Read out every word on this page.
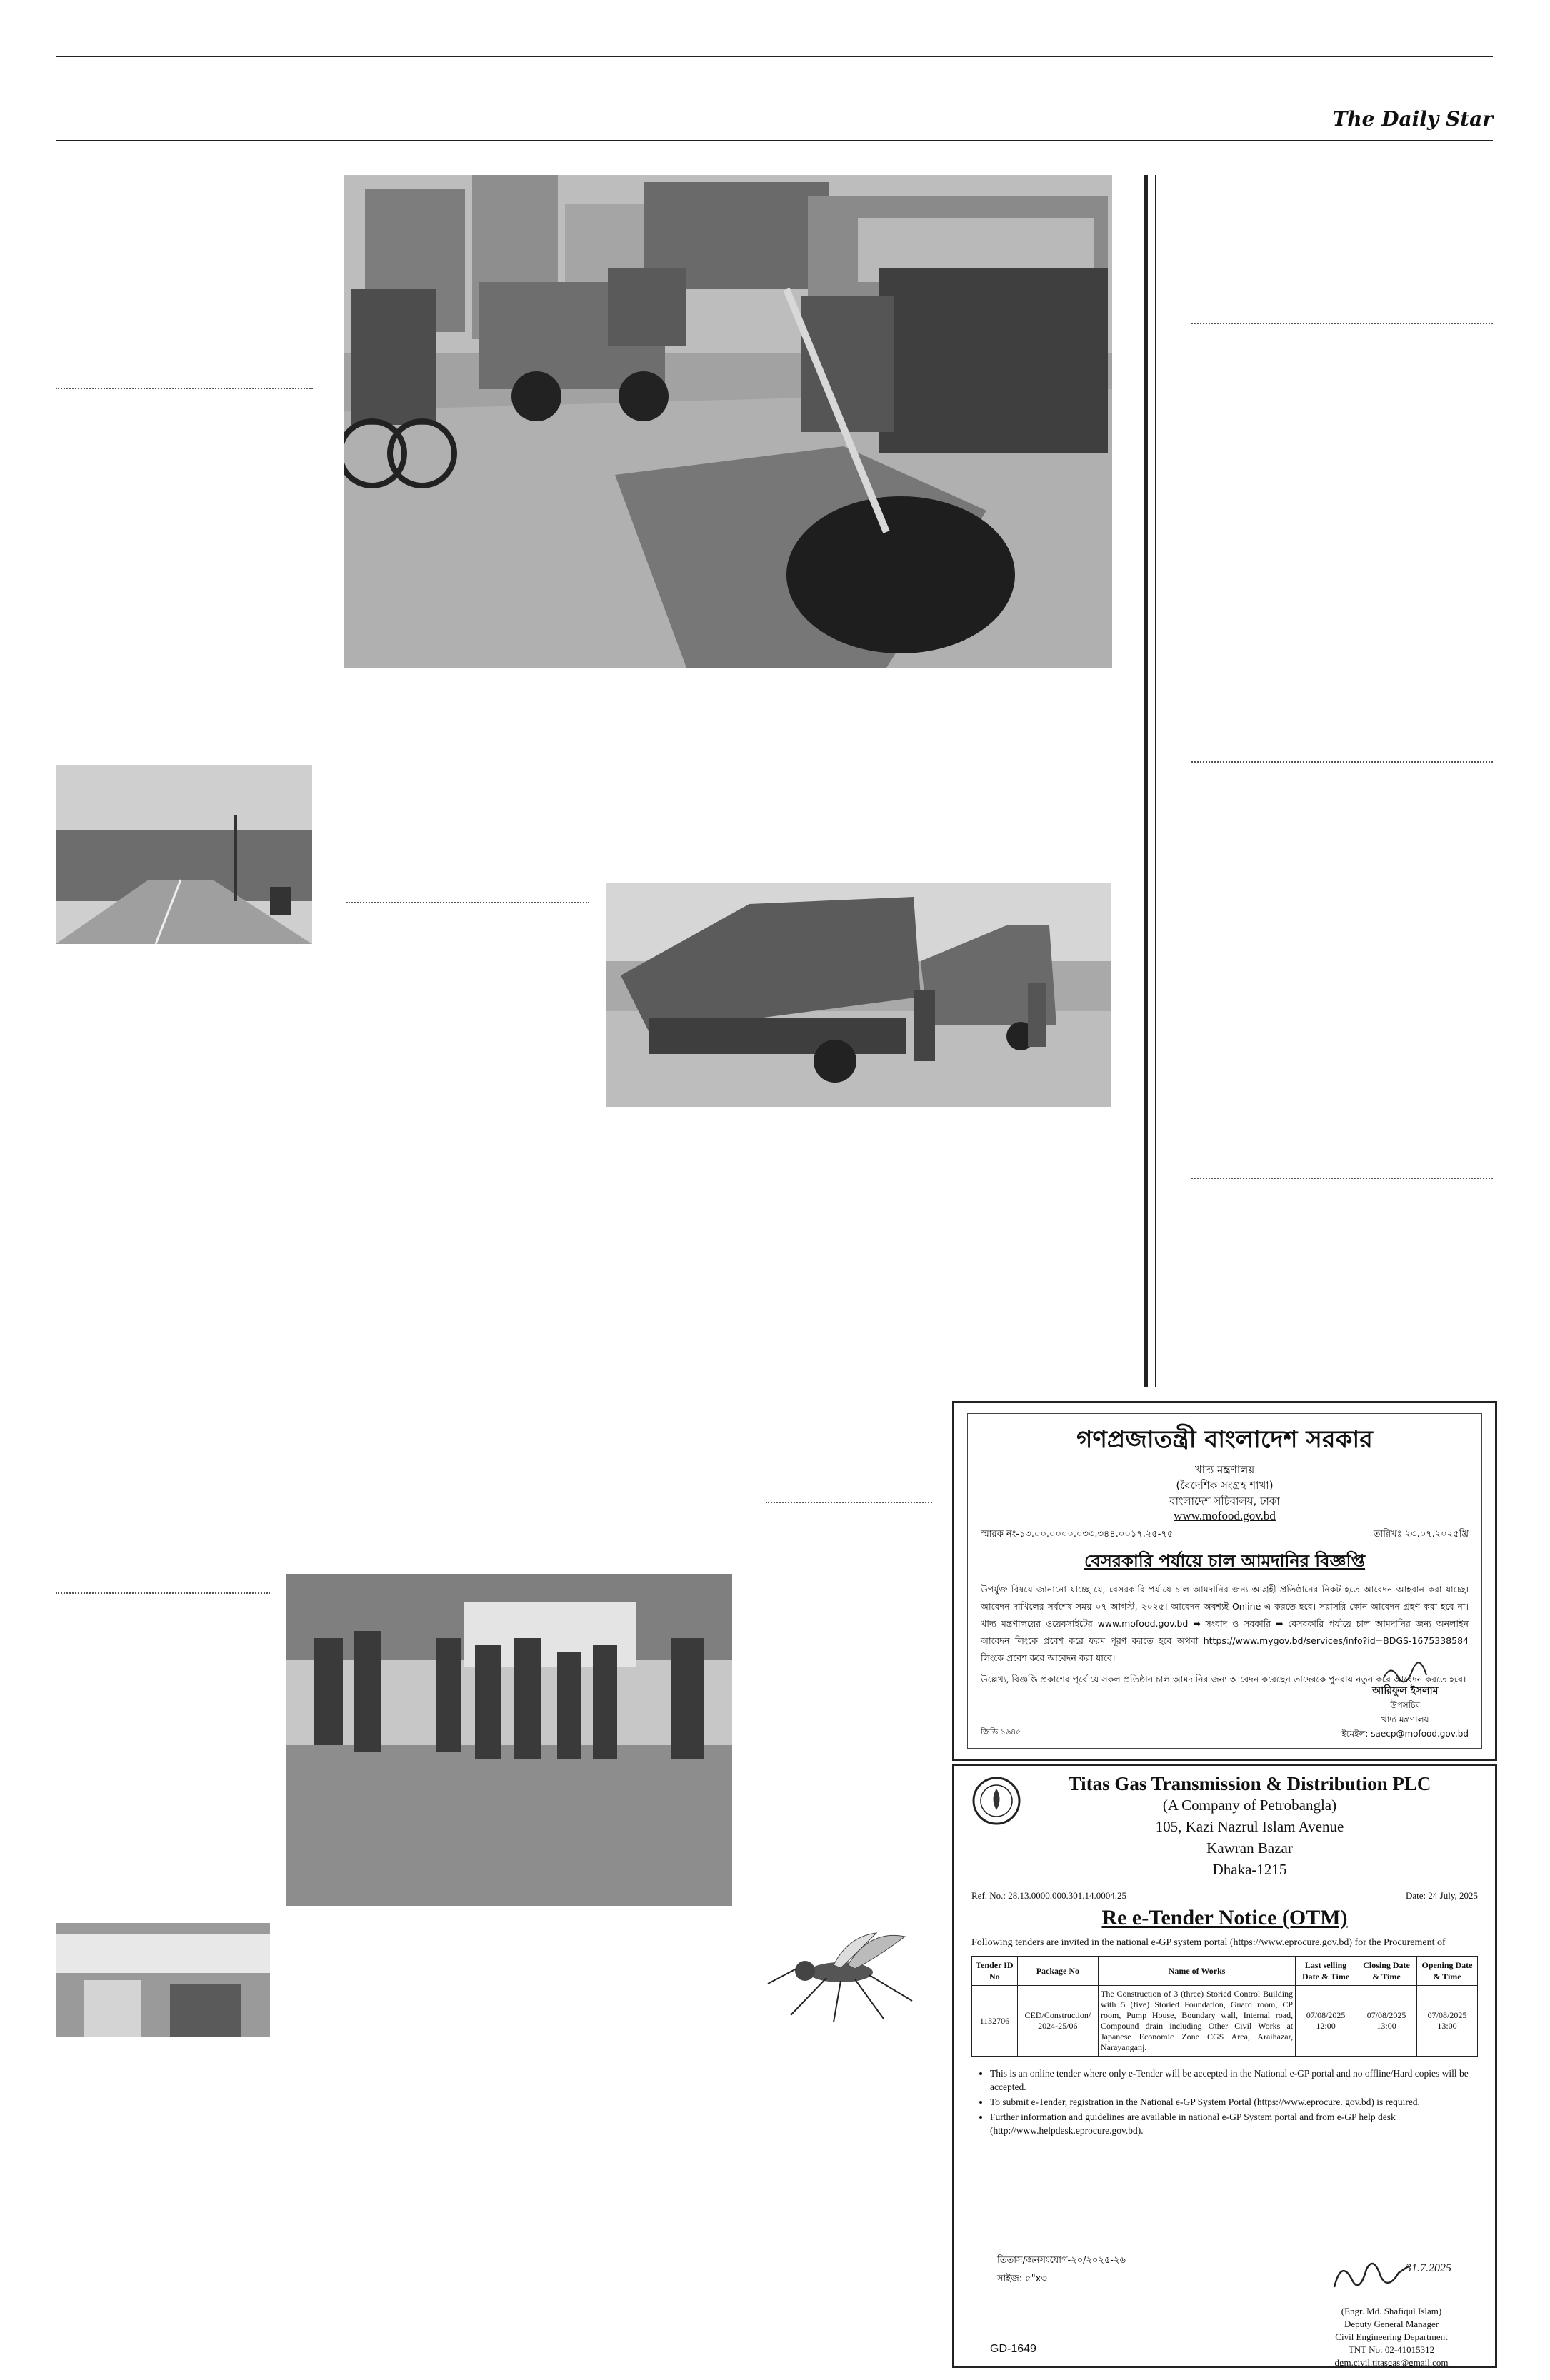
The Daily Star
গণপ্রজাতন্ত্রী বাংলাদেশ সরকার
খাদ্য মন্ত্রণালয়
(বৈদেশিক সংগ্রহ শাখা)
বাংলাদেশ সচিবালয়, ঢাকা
www.mofood.gov.bd
স্মারক নং-১৩.০০.০০০০.০৩৩.৩৪৪.০০১৭.২৫-৭৫	তারিখঃ ২৩.০৭.২০২৫খ্রি
বেসরকারি পর্যায়ে চাল আমদানির বিজ্ঞপ্তি
উপর্যুক্ত বিষয়ে জানানো যাচ্ছে যে, বেসরকারি পর্যায়ে চাল আমদানির জন্য আগ্রহী প্রতিষ্ঠানের নিকট হতে আবেদন আহবান করা যাচ্ছে। আবেদন দাখিলের সর্বশেষ সময় ০৭ আগস্ট, ২০২৫। আবেদন অবশ্যই Online-এ করতে হবে। সরাসরি কোন আবেদন গ্রহণ করা হবে না। খাদ্য মন্ত্রণালয়ের ওয়েবসাইটের www.mofood.gov.bd ➡ সংবাদ ও সরকারি ➡ বেসরকারি পর্যায়ে চাল আমদানির জন্য অনলাইন আবেদন লিংকে প্রবেশ করে ফরম পূরণ করতে হবে অথবা https://www.mygov.bd/services/info?id=BDGS-1675338584 লিংকে প্রবেশ করে আবেদন করা যাবে।
উল্লেখ্য, বিজ্ঞপ্তি প্রকাশের পূর্বে যে সকল প্রতিষ্ঠান চাল আমদানির জন্য আবেদন করেছেন তাদেরকে পুনরায় নতুন করে আবেদন করতে হবে।
জিডি ১৬৪৫
আরিফুল ইসলাম
উপসচিব
খাদ্য মন্ত্রণালয়
ইমেইল: saecp@mofood.gov.bd
Titas Gas Transmission & Distribution PLC
(A Company of Petrobangla)
105, Kazi Nazrul Islam Avenue
Kawran Bazar
Dhaka-1215
Ref. No.: 28.13.0000.000.301.14.0004.25	Date: 24 July, 2025
Re e-Tender Notice (OTM)
Following tenders are invited in the national e-GP system portal (https://www.eprocure.gov.bd) for the Procurement of
Tender ID No	Package No	Name of Works	Last selling Date & Time	Closing Date & Time	Opening Date & Time
1132706	CED/Construction/ 2024-25/06	The Construction of 3 (three) Storied Control Building with 5 (five) Storied Foundation, Guard room, CP room, Pump House, Boundary wall, Internal road, Compound drain including Other Civil Works at Japanese Economic Zone CGS Area, Araihazar, Narayanganj.	07/08/2025 12:00	07/08/2025 13:00	07/08/2025 13:00
• This is an online tender where only e-Tender will be accepted in the National e-GP portal and no offline/Hard copies will be accepted.
• To submit e-Tender, registration in the National e-GP System Portal (https://www.eprocure. gov.bd) is required.
• Further information and guidelines are available in national e-GP System portal and from e-GP help desk (http://www.helpdesk.eprocure.gov.bd).
তিতাস/জনসংযোগ-২০/২০২৫-২৬
সাইজ: ৫"x৩
31.7.2025
(Engr. Md. Shafiqul Islam)
Deputy General Manager
Civil Engineering Department
TNT No: 02-41015312
dgm.civil.titasgas@gmail.com
GD-1649
